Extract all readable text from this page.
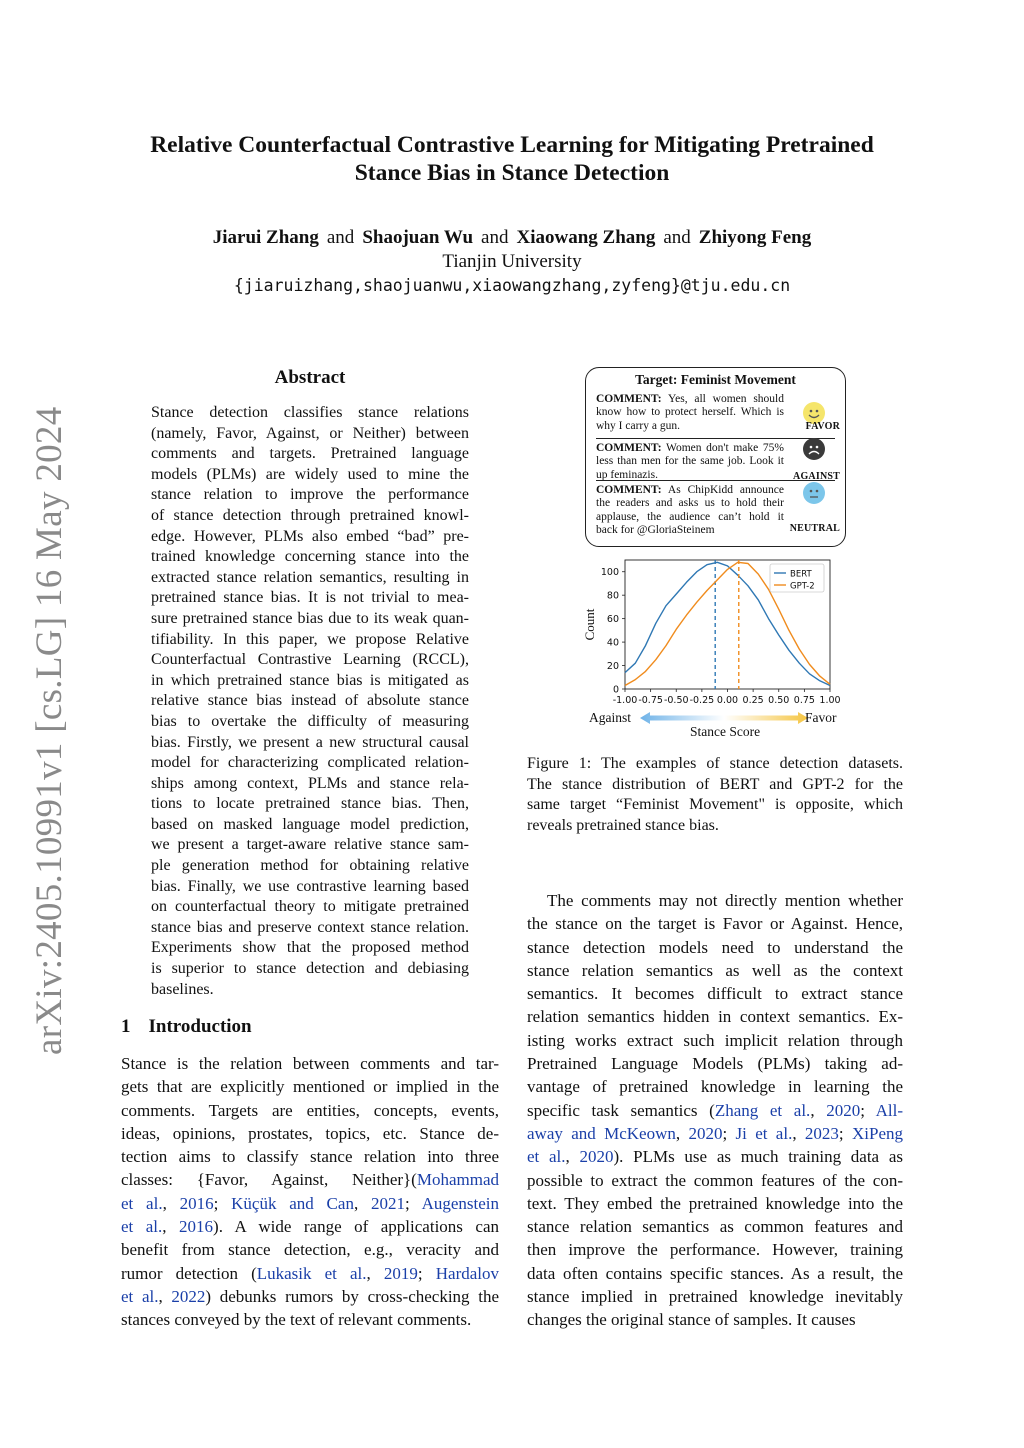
arXiv:2405.10991v1 [cs.LG] 16 May 2024
Relative Counterfactual Contrastive Learning for Mitigating Pretrained
Stance Bias in Stance Detection
Jiarui Zhang and Shaojuan Wu and Xiaowang Zhang and Zhiyong Feng
Tianjin University
{jiaruizhang,shaojuanwu,xiaowangzhang,zyfeng}@tju.edu.cn
Abstract
Stance detection classifies stance relations
(namely, Favor, Against, or Neither) between
comments and targets. Pretrained language
models (PLMs) are widely used to mine the
stance relation to improve the performance
of stance detection through pretrained knowl-
edge. However, PLMs also embed “bad” pre-
trained knowledge concerning stance into the
extracted stance relation semantics, resulting in
pretrained stance bias. It is not trivial to mea-
sure pretrained stance bias due to its weak quan-
tifiability. In this paper, we propose Relative
Counterfactual Contrastive Learning (RCCL),
in which pretrained stance bias is mitigated as
relative stance bias instead of absolute stance
bias to overtake the difficulty of measuring
bias. Firstly, we present a new structural causal
model for characterizing complicated relation-
ships among context, PLMs and stance rela-
tions to locate pretrained stance bias. Then,
based on masked language model prediction,
we present a target-aware relative stance sam-
ple generation method for obtaining relative
bias. Finally, we use contrastive learning based
on counterfactual theory to mitigate pretrained
stance bias and preserve context stance relation.
Experiments show that the proposed method
is superior to stance detection and debiasing
baselines.
1 Introduction
Stance is the relation between comments and tar-
gets that are explicitly mentioned or implied in the
comments. Targets are entities, concepts, events,
ideas, opinions, prostates, topics, etc. Stance de-
tection aims to classify stance relation into three
classes: {Favor, Against, Neither}(Mohammad
et al., 2016; Küçük and Can, 2021; Augenstein
et al., 2016). A wide range of applications can
benefit from stance detection, e.g., veracity and
rumor detection (Lukasik et al., 2019; Hardalov
et al., 2022) debunks rumors by cross-checking the
stances conveyed by the text of relevant comments.
The comments may not directly mention whether
the stance on the target is Favor or Against. Hence,
stance detection models need to understand the
stance relation semantics as well as the context
semantics. It becomes difficult to extract stance
relation semantics hidden in context semantics. Ex-
isting works extract such implicit relation through
Pretrained Language Models (PLMs) taking ad-
vantage of pretrained knowledge in learning the
specific task semantics (Zhang et al., 2020; All-
away and McKeown, 2020; Ji et al., 2023; XiPeng
et al., 2020). PLMs use as much training data as
possible to extract the common features of the con-
text. They embed the pretrained knowledge into the
stance relation semantics as common features and
then improve the performance. However, training
data often contains specific stances. As a result, the
stance implied in pretrained knowledge inevitably
changes the original stance of samples. It causes
Target: Feminist Movement
COMMENT: Yes, all women should
know how to protect herself. Which is
why I carry a gun.	FAVOR
COMMENT: Women don't make 75%
less than men for the same job. Look it
up feminazis.	AGAINST
COMMENT: As ChipKidd announce
the readers and asks us to hold their
applause, the audience can’t hold it
back for @GloriaSteinem	NEUTRAL
0
20
40
60
80
100
-1.00 -0.75 -0.50 -0.25 0.00 0.25 0.50 0.75 1.00
Count
BERT
GPT-2
Against	Favor
Stance Score
Figure 1: The examples of stance detection datasets.
The stance distribution of BERT and GPT-2 for the
same target “Feminist Movement" is opposite, which
reveals pretrained stance bias.
